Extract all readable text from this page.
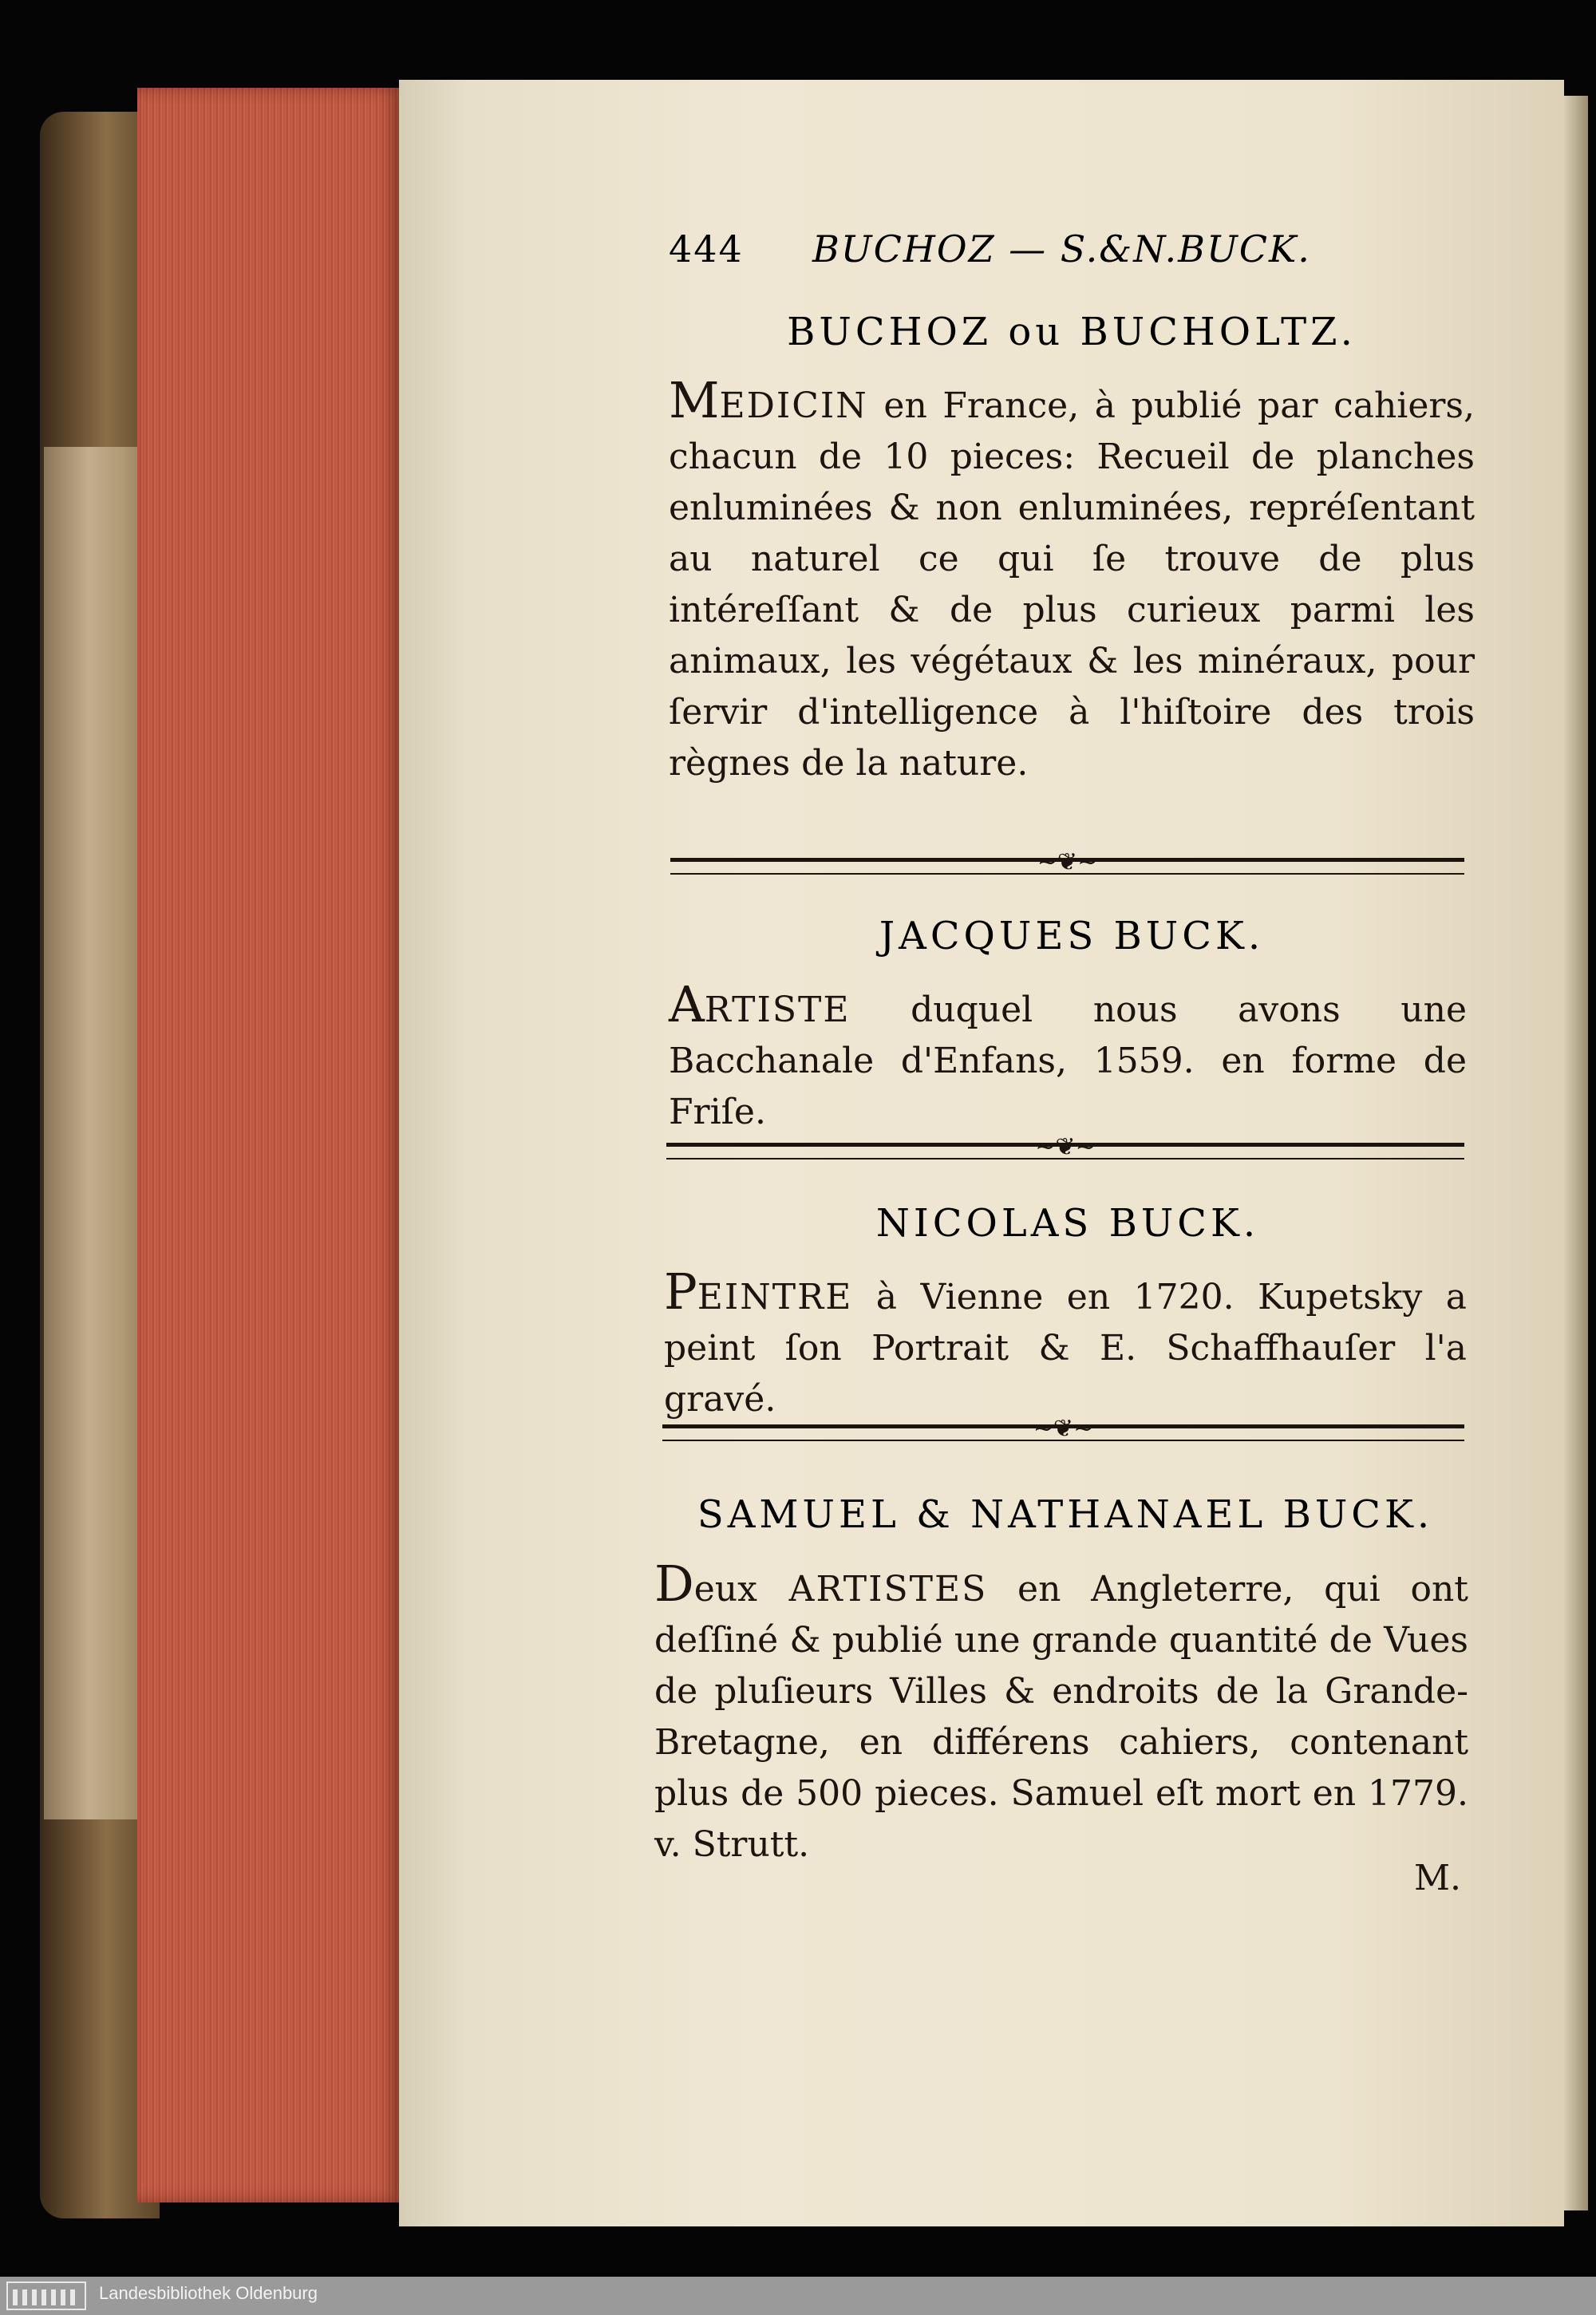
444 BUCHOZ — S.&N.BUCK.
BUCHOZ ou BUCHOLTZ.
MEDICIN en France, à publié par cahiers, chacun de 10 pieces: Recueil de planches enluminées & non enluminées, repréſentant au naturel ce qui ſe trouve de plus intéreſſant & de plus curieux parmi les animaux, les végétaux & les minéraux, pour ſervir d'intelligence à l'hiſtoire des trois règnes de la nature.
~❦~
JACQUES BUCK.
ARTISTE duquel nous avons une Bacchanale d'Enfans, 1559. en forme de Friſe.
~❦~
NICOLAS BUCK.
PEINTRE à Vienne en 1720. Kupetsky a peint ſon Portrait & E. Schaffhauſer l'a gravé.
~❦~
SAMUEL & NATHANAEL BUCK.
Deux ARTISTES en Angleterre, qui ont deſſiné & publié une grande quantité de Vues de pluſieurs Villes & endroits de la Grande-Bretagne, en différens cahiers, contenant plus de 500 pieces. Samuel eſt mort en 1779. v. Strutt.
M.
Landesbibliothek Oldenburg
